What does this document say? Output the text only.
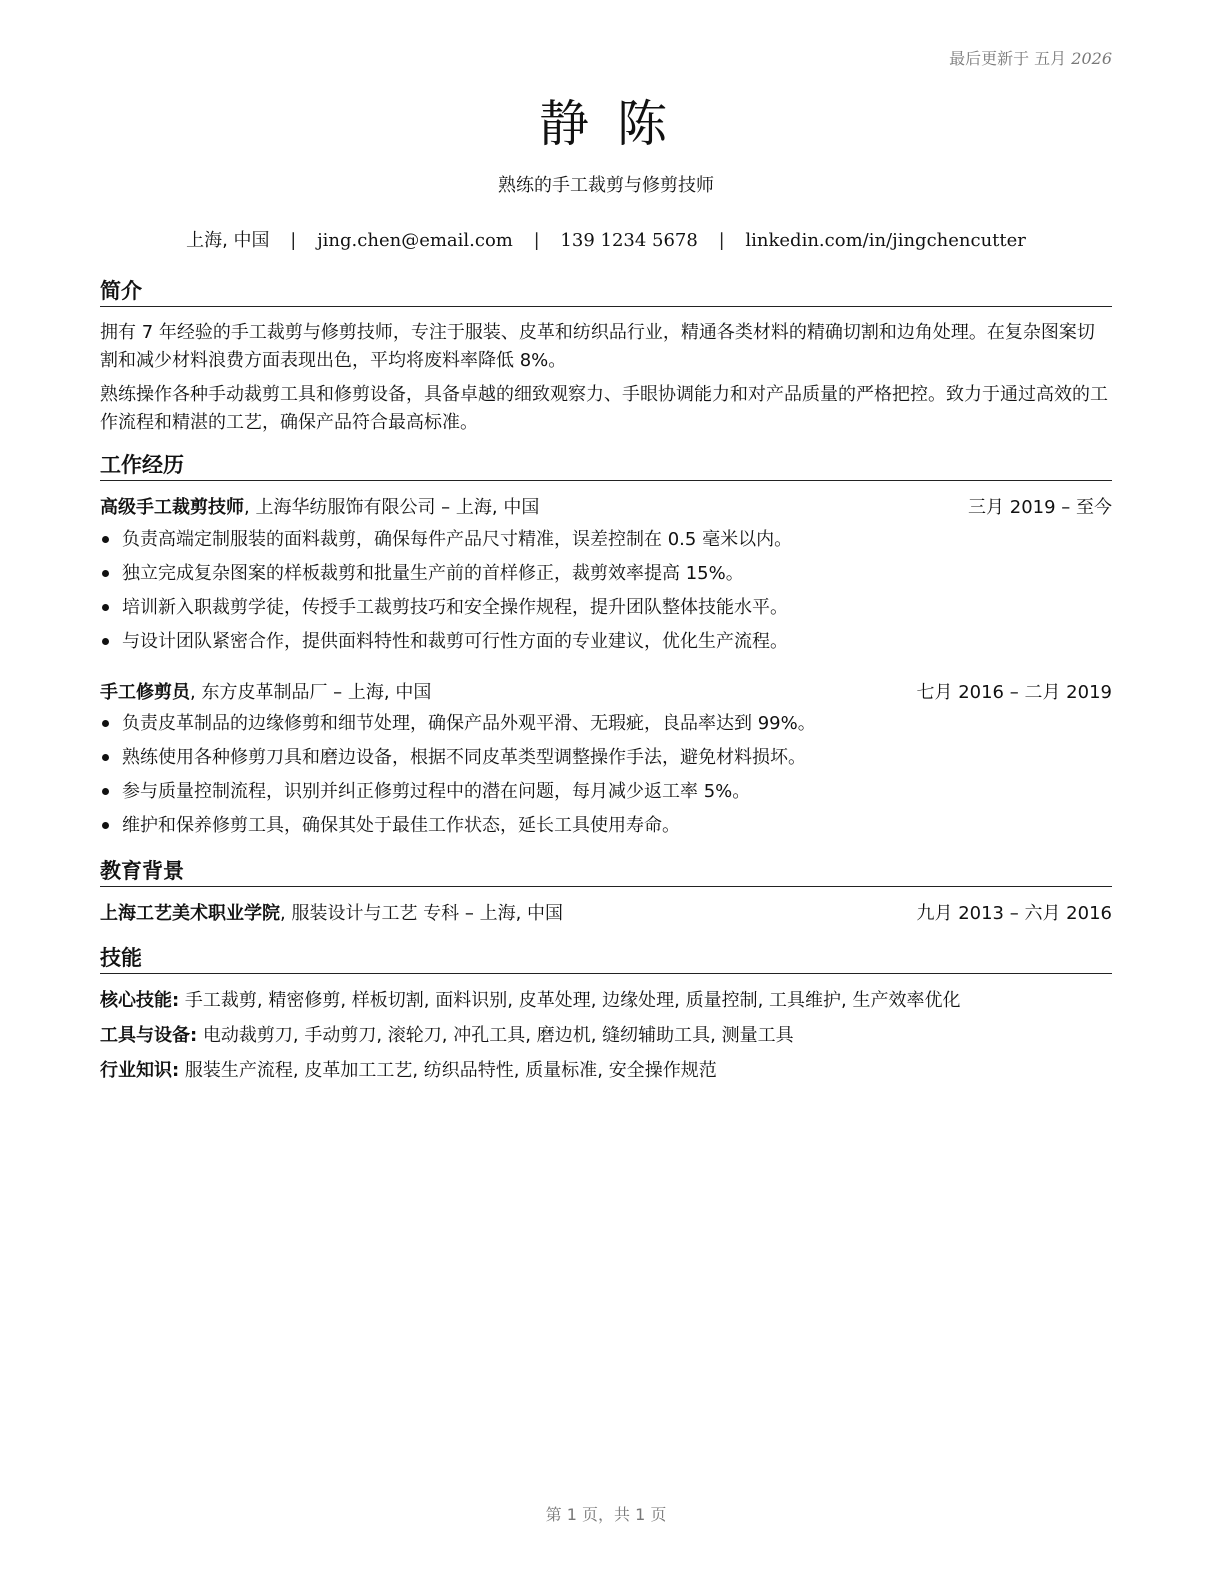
最后更新于 五月 2026
静 陈
熟练的手工裁剪与修剪技师
上海, 中国 | jing.chen@email.com | 139 1234 5678 | linkedin.com/in/jingchencutter
简介
拥有 7 年经验的手工裁剪与修剪技师，专注于服装、皮革和纺织品行业，精通各类材料的精确切割和边角处理。在复杂图案切割和减少材料浪费方面表现出色，平均将废料率降低 8%。
熟练操作各种手动裁剪工具和修剪设备，具备卓越的细致观察力、手眼协调能力和对产品质量的严格把控。致力于通过高效的工作流程和精湛的工艺，确保产品符合最高标准。
工作经历
高级手工裁剪技师, 上海华纺服饰有限公司 – 上海, 中国	三月 2019 – 至今
负责高端定制服装的面料裁剪，确保每件产品尺寸精准，误差控制在 0.5 毫米以内。
独立完成复杂图案的样板裁剪和批量生产前的首样修正，裁剪效率提高 15%。
培训新入职裁剪学徒，传授手工裁剪技巧和安全操作规程，提升团队整体技能水平。
与设计团队紧密合作，提供面料特性和裁剪可行性方面的专业建议，优化生产流程。
手工修剪员, 东方皮革制品厂 – 上海, 中国	七月 2016 – 二月 2019
负责皮革制品的边缘修剪和细节处理，确保产品外观平滑、无瑕疵，良品率达到 99%。
熟练使用各种修剪刀具和磨边设备，根据不同皮革类型调整操作手法，避免材料损坏。
参与质量控制流程，识别并纠正修剪过程中的潜在问题，每月减少返工率 5%。
维护和保养修剪工具，确保其处于最佳工作状态，延长工具使用寿命。
教育背景
上海工艺美术职业学院, 服装设计与工艺 专科 – 上海, 中国	九月 2013 – 六月 2016
技能
核心技能: 手工裁剪, 精密修剪, 样板切割, 面料识别, 皮革处理, 边缘处理, 质量控制, 工具维护, 生产效率优化
工具与设备: 电动裁剪刀, 手动剪刀, 滚轮刀, 冲孔工具, 磨边机, 缝纫辅助工具, 测量工具
行业知识: 服装生产流程, 皮革加工工艺, 纺织品特性, 质量标准, 安全操作规范
第 1 页，共 1 页
